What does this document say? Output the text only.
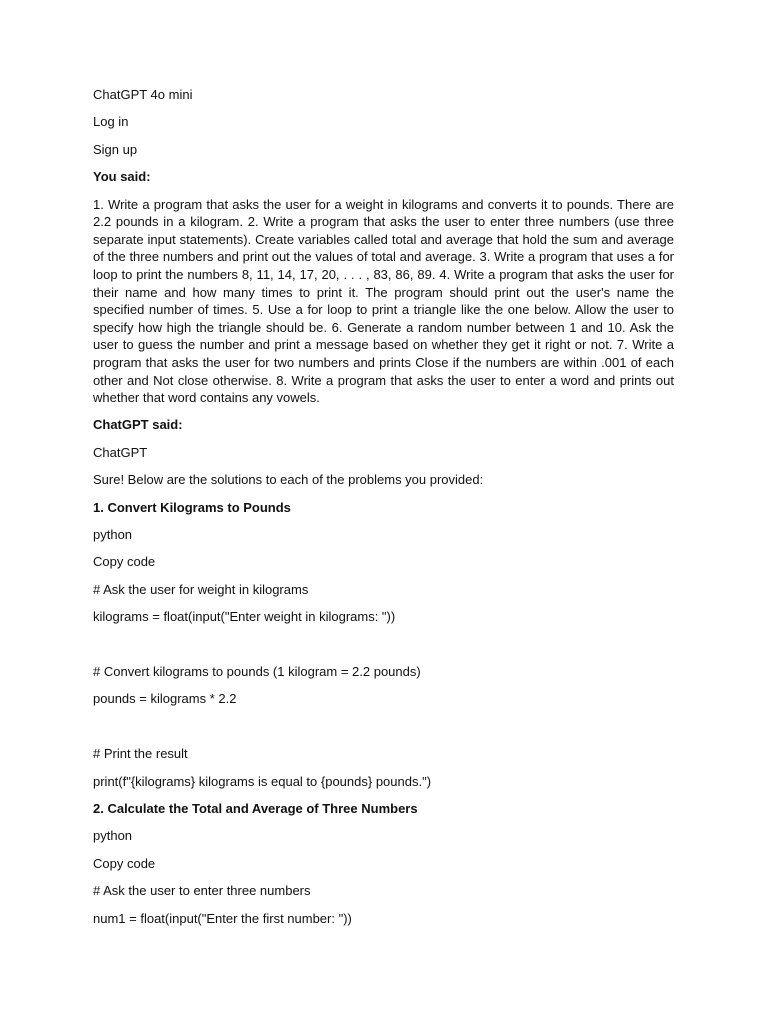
ChatGPT 4o mini

Log in

Sign up

You said:

1. Write a program that asks the user for a weight in kilograms and converts it to pounds. There are 2.2 pounds in a kilogram. 2. Write a program that asks the user to enter three numbers (use three separate input statements). Create variables called total and average that hold the sum and average of the three numbers and print out the values of total and average. 3. Write a program that uses a for loop to print the numbers 8, 11, 14, 17, 20, . . . , 83, 86, 89. 4. Write a program that asks the user for their name and how many times to print it. The program should print out the user's name the specified number of times. 5. Use a for loop to print a triangle like the one below. Allow the user to specify how high the triangle should be. 6. Generate a random number between 1 and 10. Ask the user to guess the number and print a message based on whether they get it right or not. 7. Write a program that asks the user for two numbers and prints Close if the numbers are within .001 of each other and Not close otherwise. 8. Write a program that asks the user to enter a word and prints out whether that word contains any vowels.

ChatGPT said:

ChatGPT

Sure! Below are the solutions to each of the problems you provided:

1. Convert Kilograms to Pounds

python

Copy code

# Ask the user for weight in kilograms

kilograms = float(input("Enter weight in kilograms: "))

# Convert kilograms to pounds (1 kilogram = 2.2 pounds)

pounds = kilograms * 2.2

# Print the result

print(f"{kilograms} kilograms is equal to {pounds} pounds.")

2. Calculate the Total and Average of Three Numbers

python

Copy code

# Ask the user to enter three numbers

num1 = float(input("Enter the first number: "))
